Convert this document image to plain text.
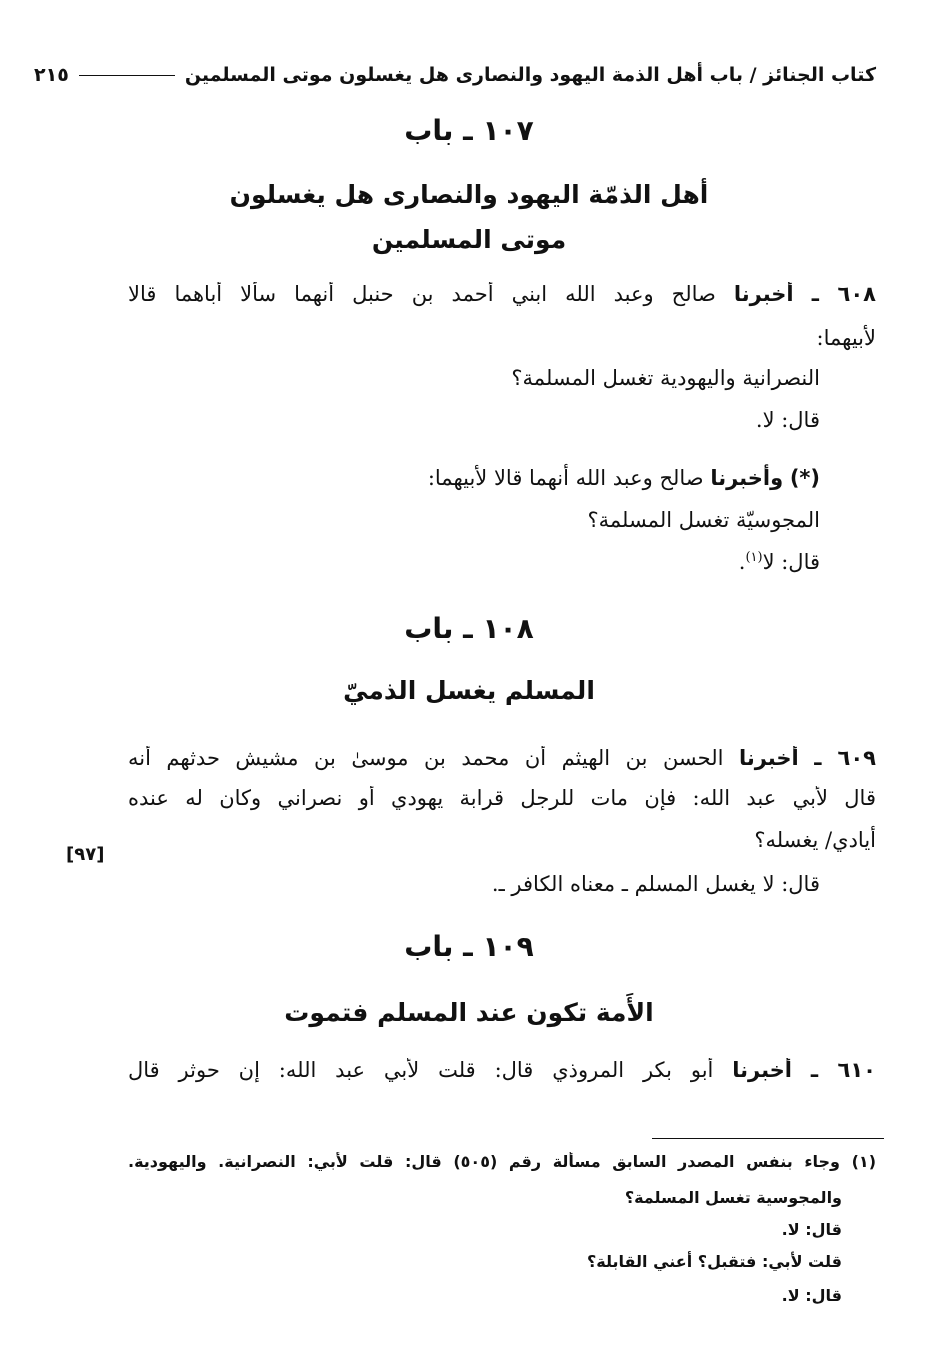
كتاب الجنائز / باب أهل الذمة اليهود والنصارى هل يغسلون موتى المسلمين
٢١٥
١٠٧ ـ باب
أهل الذمّة اليهود والنصارى هل يغسلون
موتى المسلمين
٦٠٨ ـ أخبرنا صالح وعبد الله ابني أحمد بن حنبل أنهما سألا أباهما قالا
لأبيهما:
النصرانية واليهودية تغسل المسلمة؟
قال: لا.
(*) وأخبرنا صالح وعبد الله أنهما قالا لأبيهما:
المجوسيّة تغسل المسلمة؟
قال: لا$^{(١)}$.
١٠٨ ـ باب
المسلم يغسل الذميّ
٦٠٩ ـ أخبرنا الحسن بن الهيثم أن محمد بن موسىٰ بن مشيش حدثهم أنه
قال لأبي عبد الله: فإن مات للرجل قرابة يهودي أو نصراني وكان له عنده
أيادي/ يغسله؟
[٩٧]
قال: لا يغسل المسلم ـ معناه الكافر ـ.
١٠٩ ـ باب
الأَمة تكون عند المسلم فتموت
٦١٠ ـ أخبرنا أبو بكر المروذي قال: قلت لأبي عبد الله: إن حوثر قال
(١) وجاء بنفس المصدر السابق مسألة رقم (٥٠٥) قال: قلت لأبي: النصرانية. واليهودية.
والمجوسية تغسل المسلمة؟
قال: لا.
قلت لأبي: فتقبل؟ أعني القابلة؟
قال: لا.
